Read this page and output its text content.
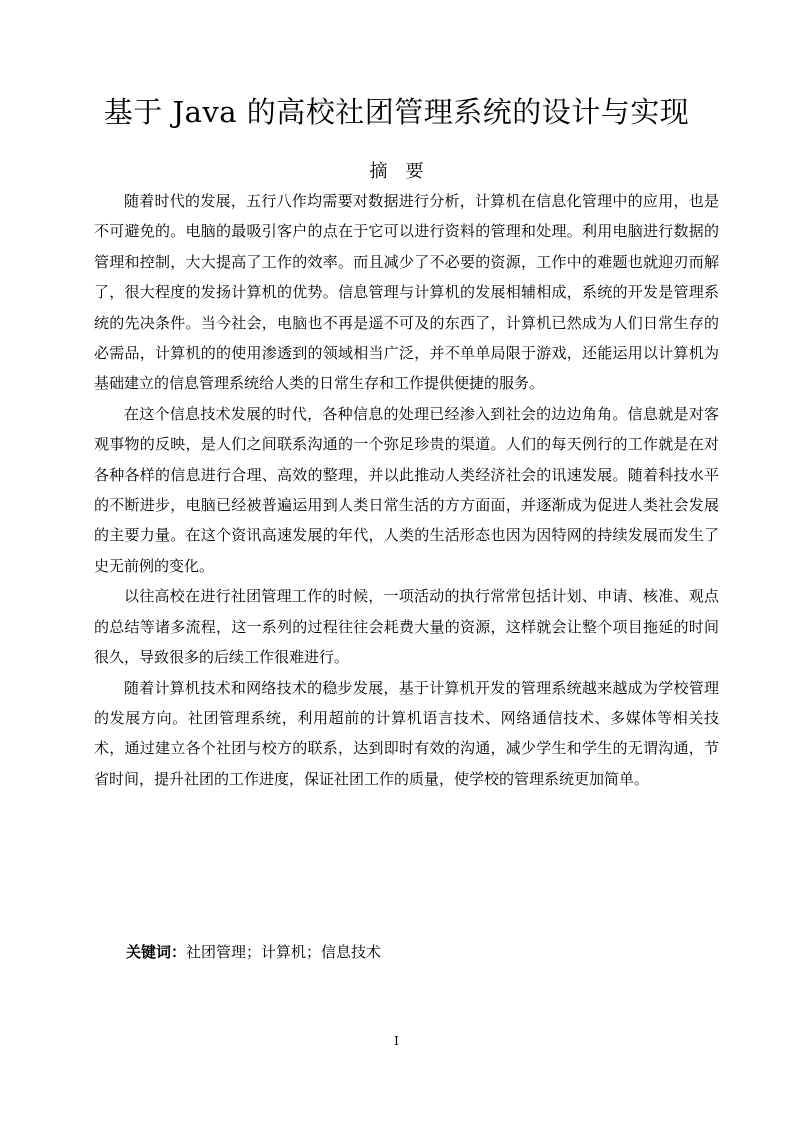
基于 Java 的高校社团管理系统的设计与实现
摘要

随着时代的发展，五行八作均需要对数据进行分析，计算机在信息化管理中的应用，也是不可避免的。电脑的最吸引客户的点在于它可以进行资料的管理和处理。利用电脑进行数据的管理和控制，大大提高了工作的效率。而且减少了不必要的资源，工作中的难题也就迎刃而解了，很大程度的发扬计算机的优势。信息管理与计算机的发展相辅相成，系统的开发是管理系统的先决条件。当今社会，电脑也不再是遥不可及的东西了，计算机已然成为人们日常生存的必需品，计算机的的使用渗透到的领域相当广泛，并不单单局限于游戏，还能运用以计算机为基础建立的信息管理系统给人类的日常生存和工作提供便捷的服务。

在这个信息技术发展的时代，各种信息的处理已经渗入到社会的边边角角。信息就是对客观事物的反映，是人们之间联系沟通的一个弥足珍贵的渠道。人们的每天例行的工作就是在对各种各样的信息进行合理、高效的整理，并以此推动人类经济社会的讯速发展。随着科技水平的不断进步，电脑已经被普遍运用到人类日常生活的方方面面，并逐渐成为促进人类社会发展的主要力量。在这个资讯高速发展的年代，人类的生活形态也因为因特网的持续发展而发生了史无前例的变化。

以往高校在进行社团管理工作的时候，一项活动的执行常常包括计划、申请、核准、观点的总结等诸多流程，这一系列的过程往往会耗费大量的资源，这样就会让整个项目拖延的时间很久，导致很多的后续工作很难进行。

随着计算机技术和网络技术的稳步发展，基于计算机开发的管理系统越来越成为学校管理的发展方向。社团管理系统，利用超前的计算机语言技术、网络通信技术、多媒体等相关技术，通过建立各个社团与校方的联系，达到即时有效的沟通，减少学生和学生的无谓沟通，节省时间，提升社团的工作进度，保证社团工作的质量，使学校的管理系统更加简单。

关键词：社团管理；计算机；信息技术
I
